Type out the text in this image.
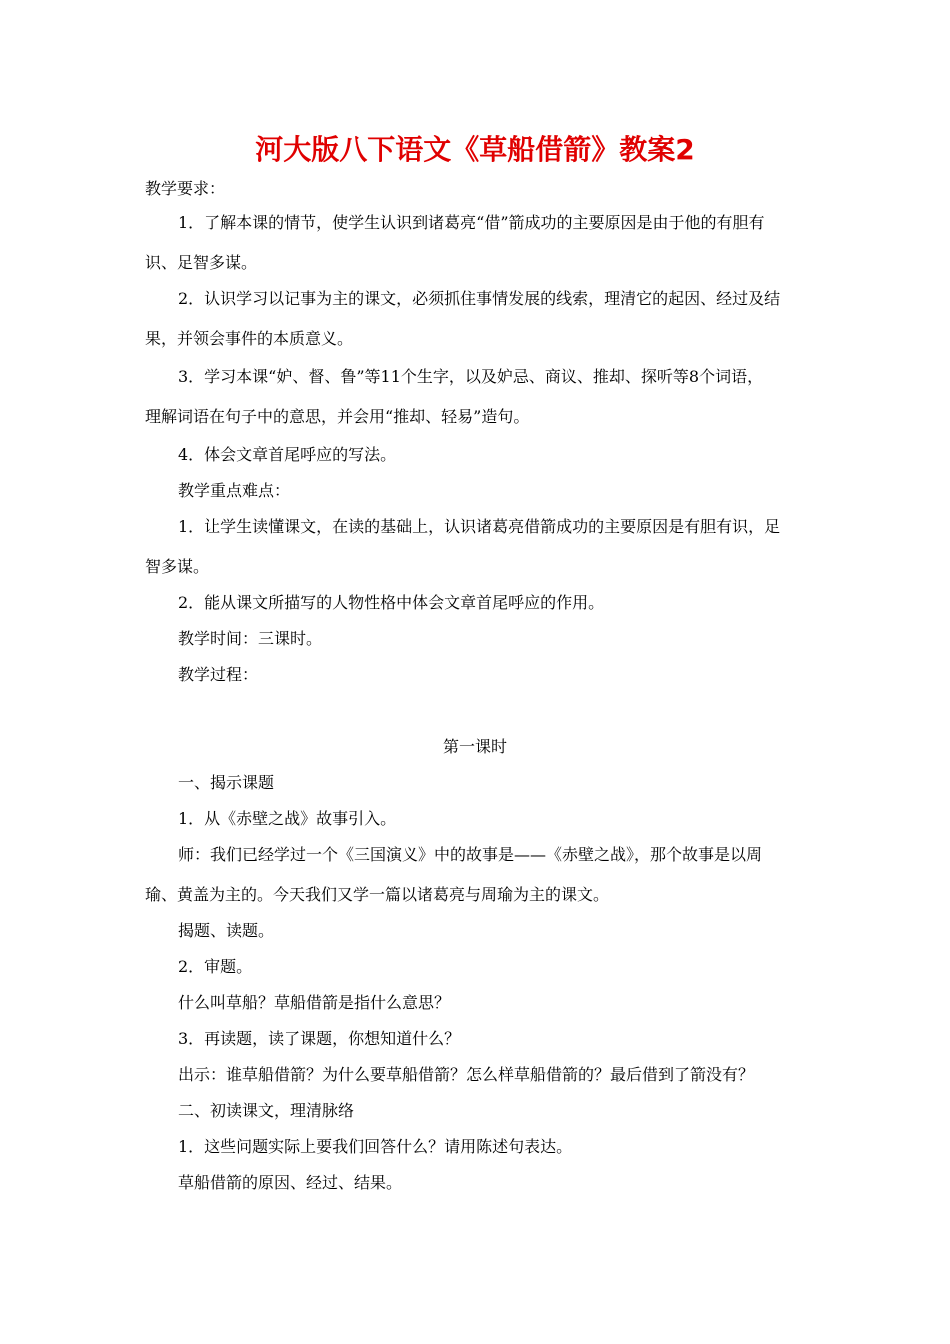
河大版八下语文《草船借箭》教案2

教学要求：

1．了解本课的情节，使学生认识到诸葛亮“借”箭成功的主要原因是由于他的有胆有

识、足智多谋。

2．认识学习以记事为主的课文，必须抓住事情发展的线索，理清它的起因、经过及结

果，并领会事件的本质意义。

3．学习本课“妒、督、鲁”等11个生字，以及妒忌、商议、推却、探听等8个词语，

理解词语在句子中的意思，并会用“推却、轻易”造句。

4．体会文章首尾呼应的写法。

教学重点难点：

1．让学生读懂课文，在读的基础上，认识诸葛亮借箭成功的主要原因是有胆有识，足

智多谋。

2．能从课文所描写的人物性格中体会文章首尾呼应的作用。

教学时间：三课时。

教学过程：

第一课时

一、揭示课题

1．从《赤壁之战》故事引入。

师：我们已经学过一个《三国演义》中的故事是——《赤壁之战》，那个故事是以周

瑜、黄盖为主的。今天我们又学一篇以诸葛亮与周瑜为主的课文。

揭题、读题。

2．审题。

什么叫草船？草船借箭是指什么意思？

3．再读题，读了课题，你想知道什么？

出示：谁草船借箭？为什么要草船借箭？怎么样草船借箭的？最后借到了箭没有？

二、初读课文，理清脉络

1．这些问题实际上要我们回答什么？请用陈述句表达。

草船借箭的原因、经过、结果。
